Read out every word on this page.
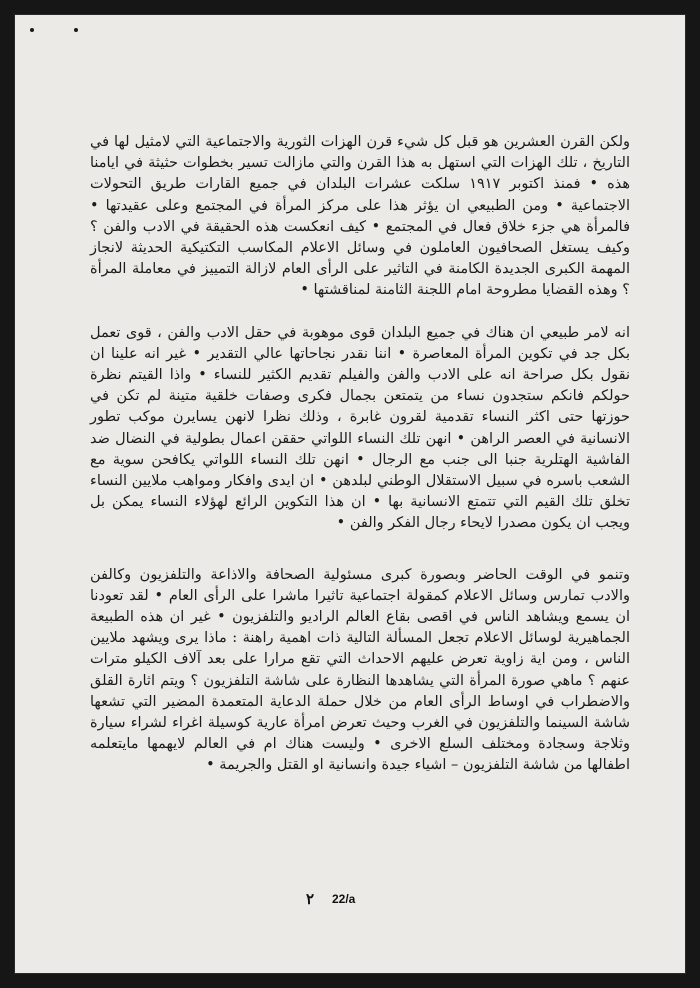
ولكن القرن العشرين هو قبل كل شيء قرن الهزات الثورية والاجتماعية التي لامثيل لها في التاريخ ، تلك الهزات التي استهل به هذا القرن والتي مازالت تسير بخطوات حثيثة في ايامنا هذه • فمنذ اكتوبر ١٩١٧ سلكت عشرات البلدان في جميع القارات طريق التحولات الاجتماعية • ومن الطبيعي ان يؤثر هذا على مركز المرأة في المجتمع وعلى عقيدتها • فالمرأة هي جزء خلاق فعال في المجتمع • كيف انعكست هذه الحقيقة في الادب والفن ؟ وكيف يستغل الصحافيون العاملون في وسائل الاعلام المكاسب التكتيكية الحديثة لانجاز المهمة الكبرى الجديدة الكامنة في التاثير على الرأى العام لازالة التمييز في معاملة المرأة ؟ وهذه القضايا مطروحة امام اللجنة الثامنة لمناقشتها •

انه لامر طبيعي ان هناك في جميع البلدان قوى موهوبة في حقل الادب والفن ، قوى تعمل بكل جد في تكوين المرأة المعاصرة • اننا نقدر نجاحاتها عالي التقدير • غير انه علينا ان نقول بكل صراحة انه على الادب والفن والفيلم تقديم الكثير للنساء • واذا القيتم نظرة حولكم فانكم ستجدون نساء من يتمتعن بجمال فكرى وصفات خلقية متينة لم تكن في حوزتها حتى اكثر النساء تقدمية لقرون غابرة ، وذلك نظرا لانهن يسايرن موكب تطور الانسانية في العصر الراهن • انهن تلك النساء اللواتي حققن اعمال بطولية في النضال ضد الفاشية الهتلرية جنبا الى جنب مع الرجال • انهن تلك النساء اللواتي يكافحن سوية مع الشعب باسره في سبيل الاستقلال الوطني لبلدهن • ان ايدى وافكار ومواهب ملايين النساء تخلق تلك القيم التي تتمتع الانسانية بها • ان هذا التكوين الرائع لهؤلاء النساء يمكن بل ويجب ان يكون مصدرا لايحاء رجال الفكر والفن •

وتنمو في الوقت الحاضر وبصورة كبرى مسئولية الصحافة والاذاعة والتلفزيون وكالفن والادب تمارس وسائل الاعلام كمقولة اجتماعية تاثيرا ماشرا على الرأى العام • لقد تعودنا ان يسمع ويشاهد الناس في اقصى بقاع العالم الراديو والتلفزيون • غير ان هذه الطبيعة الجماهيرية لوسائل الاعلام تجعل المسألة التالية ذات اهمية راهنة : ماذا يرى ويشهد ملايين الناس ، ومن اية زاوية تعرض عليهم الاحداث التي تقع مرارا على بعد آلاف الكيلو مترات عنهم ؟ ماهي صورة المرأة التي يشاهدها النظارة على شاشة التلفزيون ؟ ويتم اثارة القلق والاضطراب في اوساط الرأى العام من خلال حملة الدعاية المتعمدة المضير التي تشعها شاشة السينما والتلفزيون في الغرب وحيث تعرض امرأة عارية كوسيلة اغراء لشراء سيارة وثلاجة وسجادة ومختلف السلع الاخرى • وليست هناك ام في العالم لايهمها مايتعلمه اطفالها من شاشة التلفزيون – اشياء جيدة وانسانية او القتل والجريمة •

٢ 22/a
